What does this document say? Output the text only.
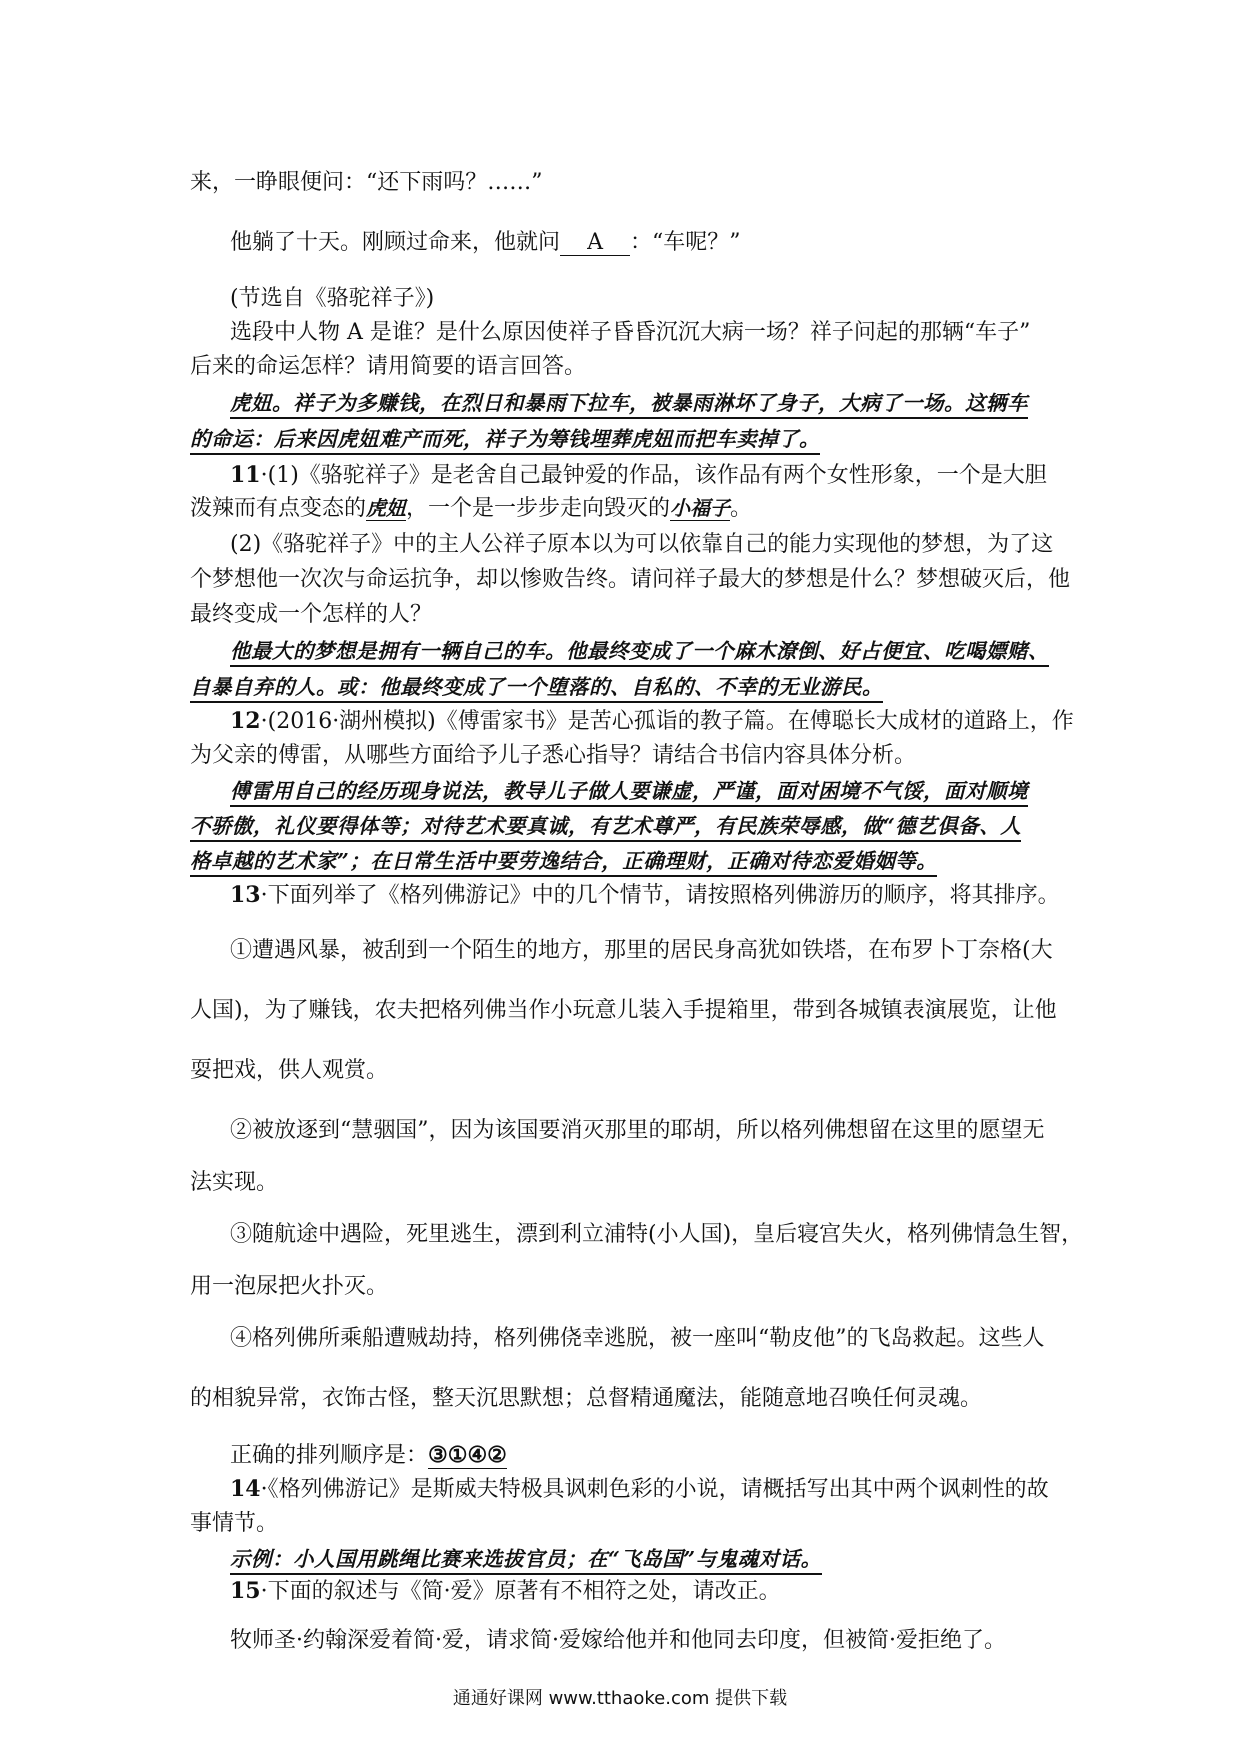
来，一睁眼便问：“还下雨吗？……”
他躺了十天。刚顾过命来，他就问 A ：“车呢？”
(节选自《骆驼祥子》)
选段中人物 A 是谁？是什么原因使祥子昏昏沉沉大病一场？祥子问起的那辆“车子”
后来的命运怎样？请用简要的语言回答。
虎妞。祥子为多赚钱，在烈日和暴雨下拉车，被暴雨淋坏了身子，大病了一场。这辆车
的命运：后来因虎妞难产而死，祥子为筹钱埋葬虎妞而把车卖掉了。
11·(1)《骆驼祥子》是老舍自己最钟爱的作品，该作品有两个女性形象，一个是大胆
泼辣而有点变态的虎妞，一个是一步步走向毁灭的小福子。
(2)《骆驼祥子》中的主人公祥子原本以为可以依靠自己的能力实现他的梦想，为了这
个梦想他一次次与命运抗争，却以惨败告终。请问祥子最大的梦想是什么？梦想破灭后，他
最终变成一个怎样的人？
他最大的梦想是拥有一辆自己的车。他最终变成了一个麻木潦倒、好占便宜、吃喝嫖赌、
自暴自弃的人。或：他最终变成了一个堕落的、自私的、不幸的无业游民。
12·(2016·湖州模拟)《傅雷家书》是苦心孤诣的教子篇。在傅聪长大成材的道路上，作
为父亲的傅雷，从哪些方面给予儿子悉心指导？请结合书信内容具体分析。
傅雷用自己的经历现身说法，教导儿子做人要谦虚，严谨，面对困境不气馁，面对顺境
不骄傲，礼仪要得体等；对待艺术要真诚，有艺术尊严，有民族荣辱感，做“德艺俱备、人
格卓越的艺术家”；在日常生活中要劳逸结合，正确理财，正确对待恋爱婚姻等。
13·下面列举了《格列佛游记》中的几个情节，请按照格列佛游历的顺序，将其排序。
①遭遇风暴，被刮到一个陌生的地方，那里的居民身高犹如铁塔，在布罗卜丁奈格(大
人国)，为了赚钱，农夫把格列佛当作小玩意儿装入手提箱里，带到各城镇表演展览，让他
耍把戏，供人观赏。
②被放逐到“慧骃国”，因为该国要消灭那里的耶胡，所以格列佛想留在这里的愿望无
法实现。
③随航途中遇险，死里逃生，漂到利立浦特(小人国)，皇后寝宫失火，格列佛情急生智，
用一泡尿把火扑灭。
④格列佛所乘船遭贼劫持，格列佛侥幸逃脱，被一座叫“勒皮他”的飞岛救起。这些人
的相貌异常，衣饰古怪，整天沉思默想；总督精通魔法，能随意地召唤任何灵魂。
正确的排列顺序是：③①④②
14·《格列佛游记》是斯威夫特极具讽刺色彩的小说，请概括写出其中两个讽刺性的故
事情节。
示例：小人国用跳绳比赛来选拔官员；在“飞岛国”与鬼魂对话。
15·下面的叙述与《简·爱》原著有不相符之处，请改正。
牧师圣·约翰深爱着简·爱，请求简·爱嫁给他并和他同去印度，但被简·爱拒绝了。
通通好课网 www.tthaoke.com 提供下载
